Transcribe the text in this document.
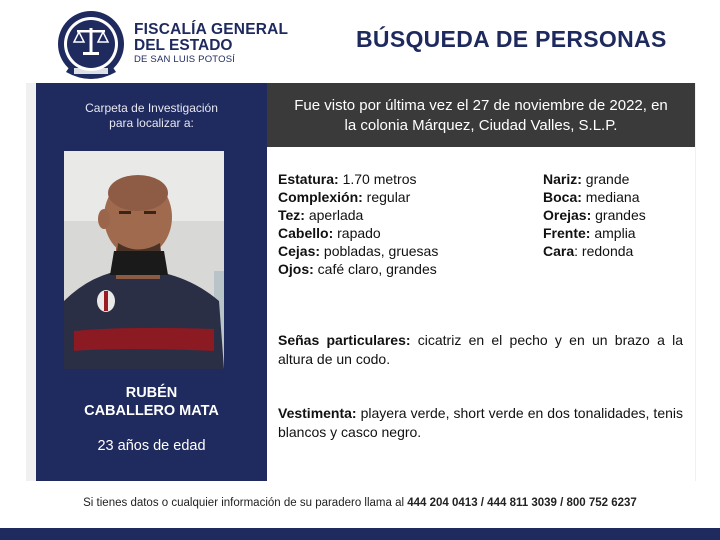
FISCALÍA GENERAL
DEL ESTADO
DE SAN LUIS POTOSÍ
BÚSQUEDA DE PERSONAS
Carpeta de Investigación
para localizar a:
RUBÉN
CABALLERO MATA
23 años de edad
Fue visto por última vez el 27 de noviembre de 2022, en
la colonia Márquez, Ciudad Valles, S.L.P.
Estatura: 1.70 metros
Complexión: regular
Tez: aperlada
Cabello: rapado
Cejas: pobladas, gruesas
Ojos: café claro, grandes
Nariz: grande
Boca: mediana
Orejas: grandes
Frente: amplia
Cara: redonda
Señas particulares: cicatriz en el pecho y en un brazo a la altura de un codo.
Vestimenta: playera verde, short verde en dos tonalidades, tenis blancos y casco negro.
Si tienes datos o cualquier información de su paradero llama al 444 204 0413 / 444 811 3039 / 800 752 6237
